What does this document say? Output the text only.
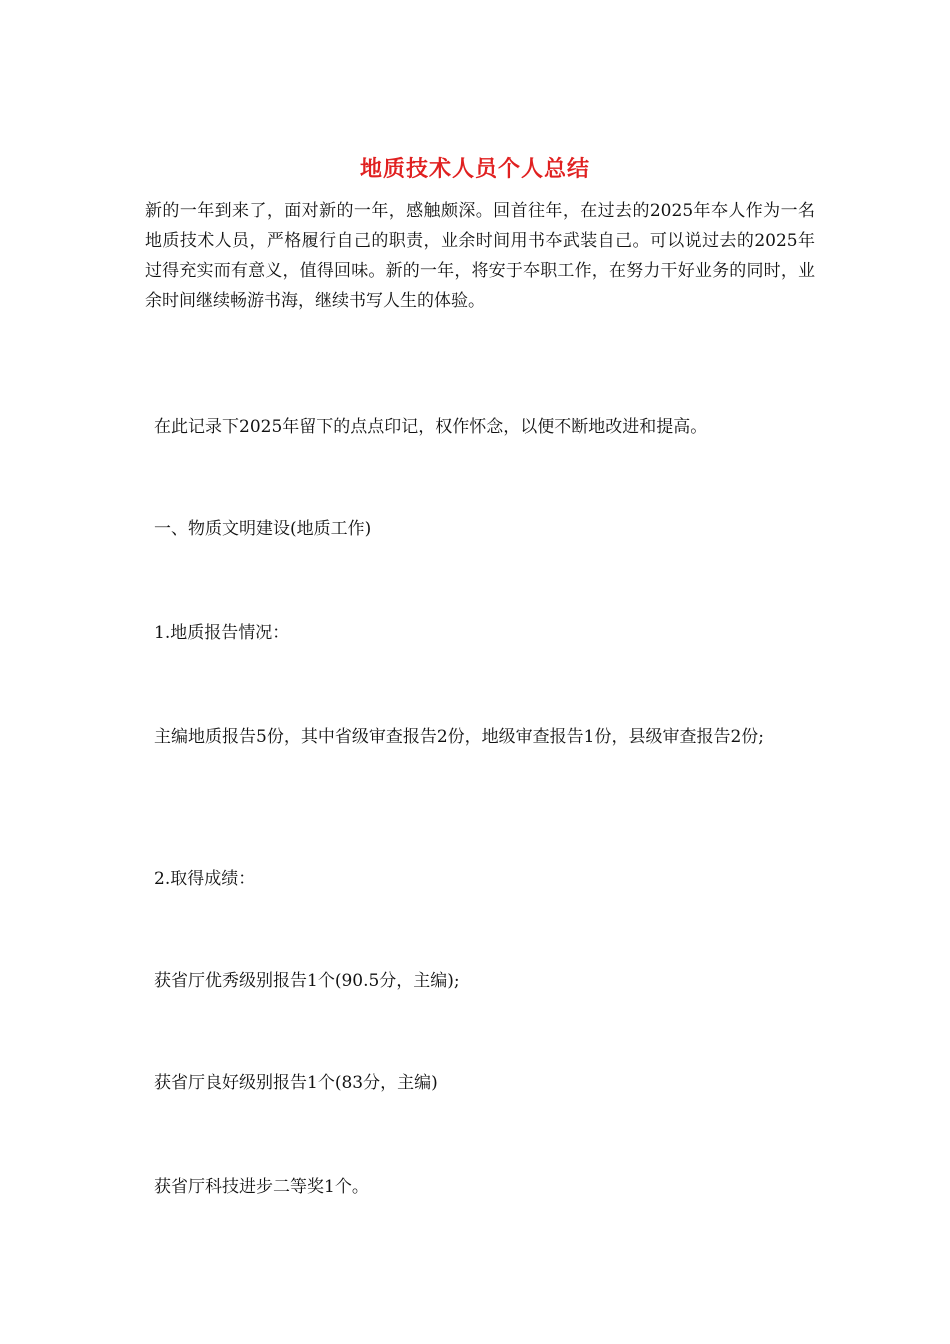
地质技术人员个人总结
新的一年到来了，面对新的一年，感触颇深。回首往年，在过去的2025年夲人作为一名地质技术人员，严格履行自己的职责，业余时间用书夲武装自己。可以说过去的2025年过得充实而有意义，值得回味。新的一年，将安于夲职工作，在努力干好业务的同时，业余时间继续畅游书海，继续书写人生的体验。
在此记录下2025年留下的点点印记，权作怀念，以便不断地改进和提高。
一、物质文明建设(地质工作)
1.地质报告情况：
主编地质报告5份，其中省级审查报告2份，地级审查报告1份，县级审查报告2份;
2.取得成绩：
获省厅优秀级别报告1个(90.5分，主编);
获省厅良好级别报告1个(83分，主编)
获省厅科技进步二等奖1个。
